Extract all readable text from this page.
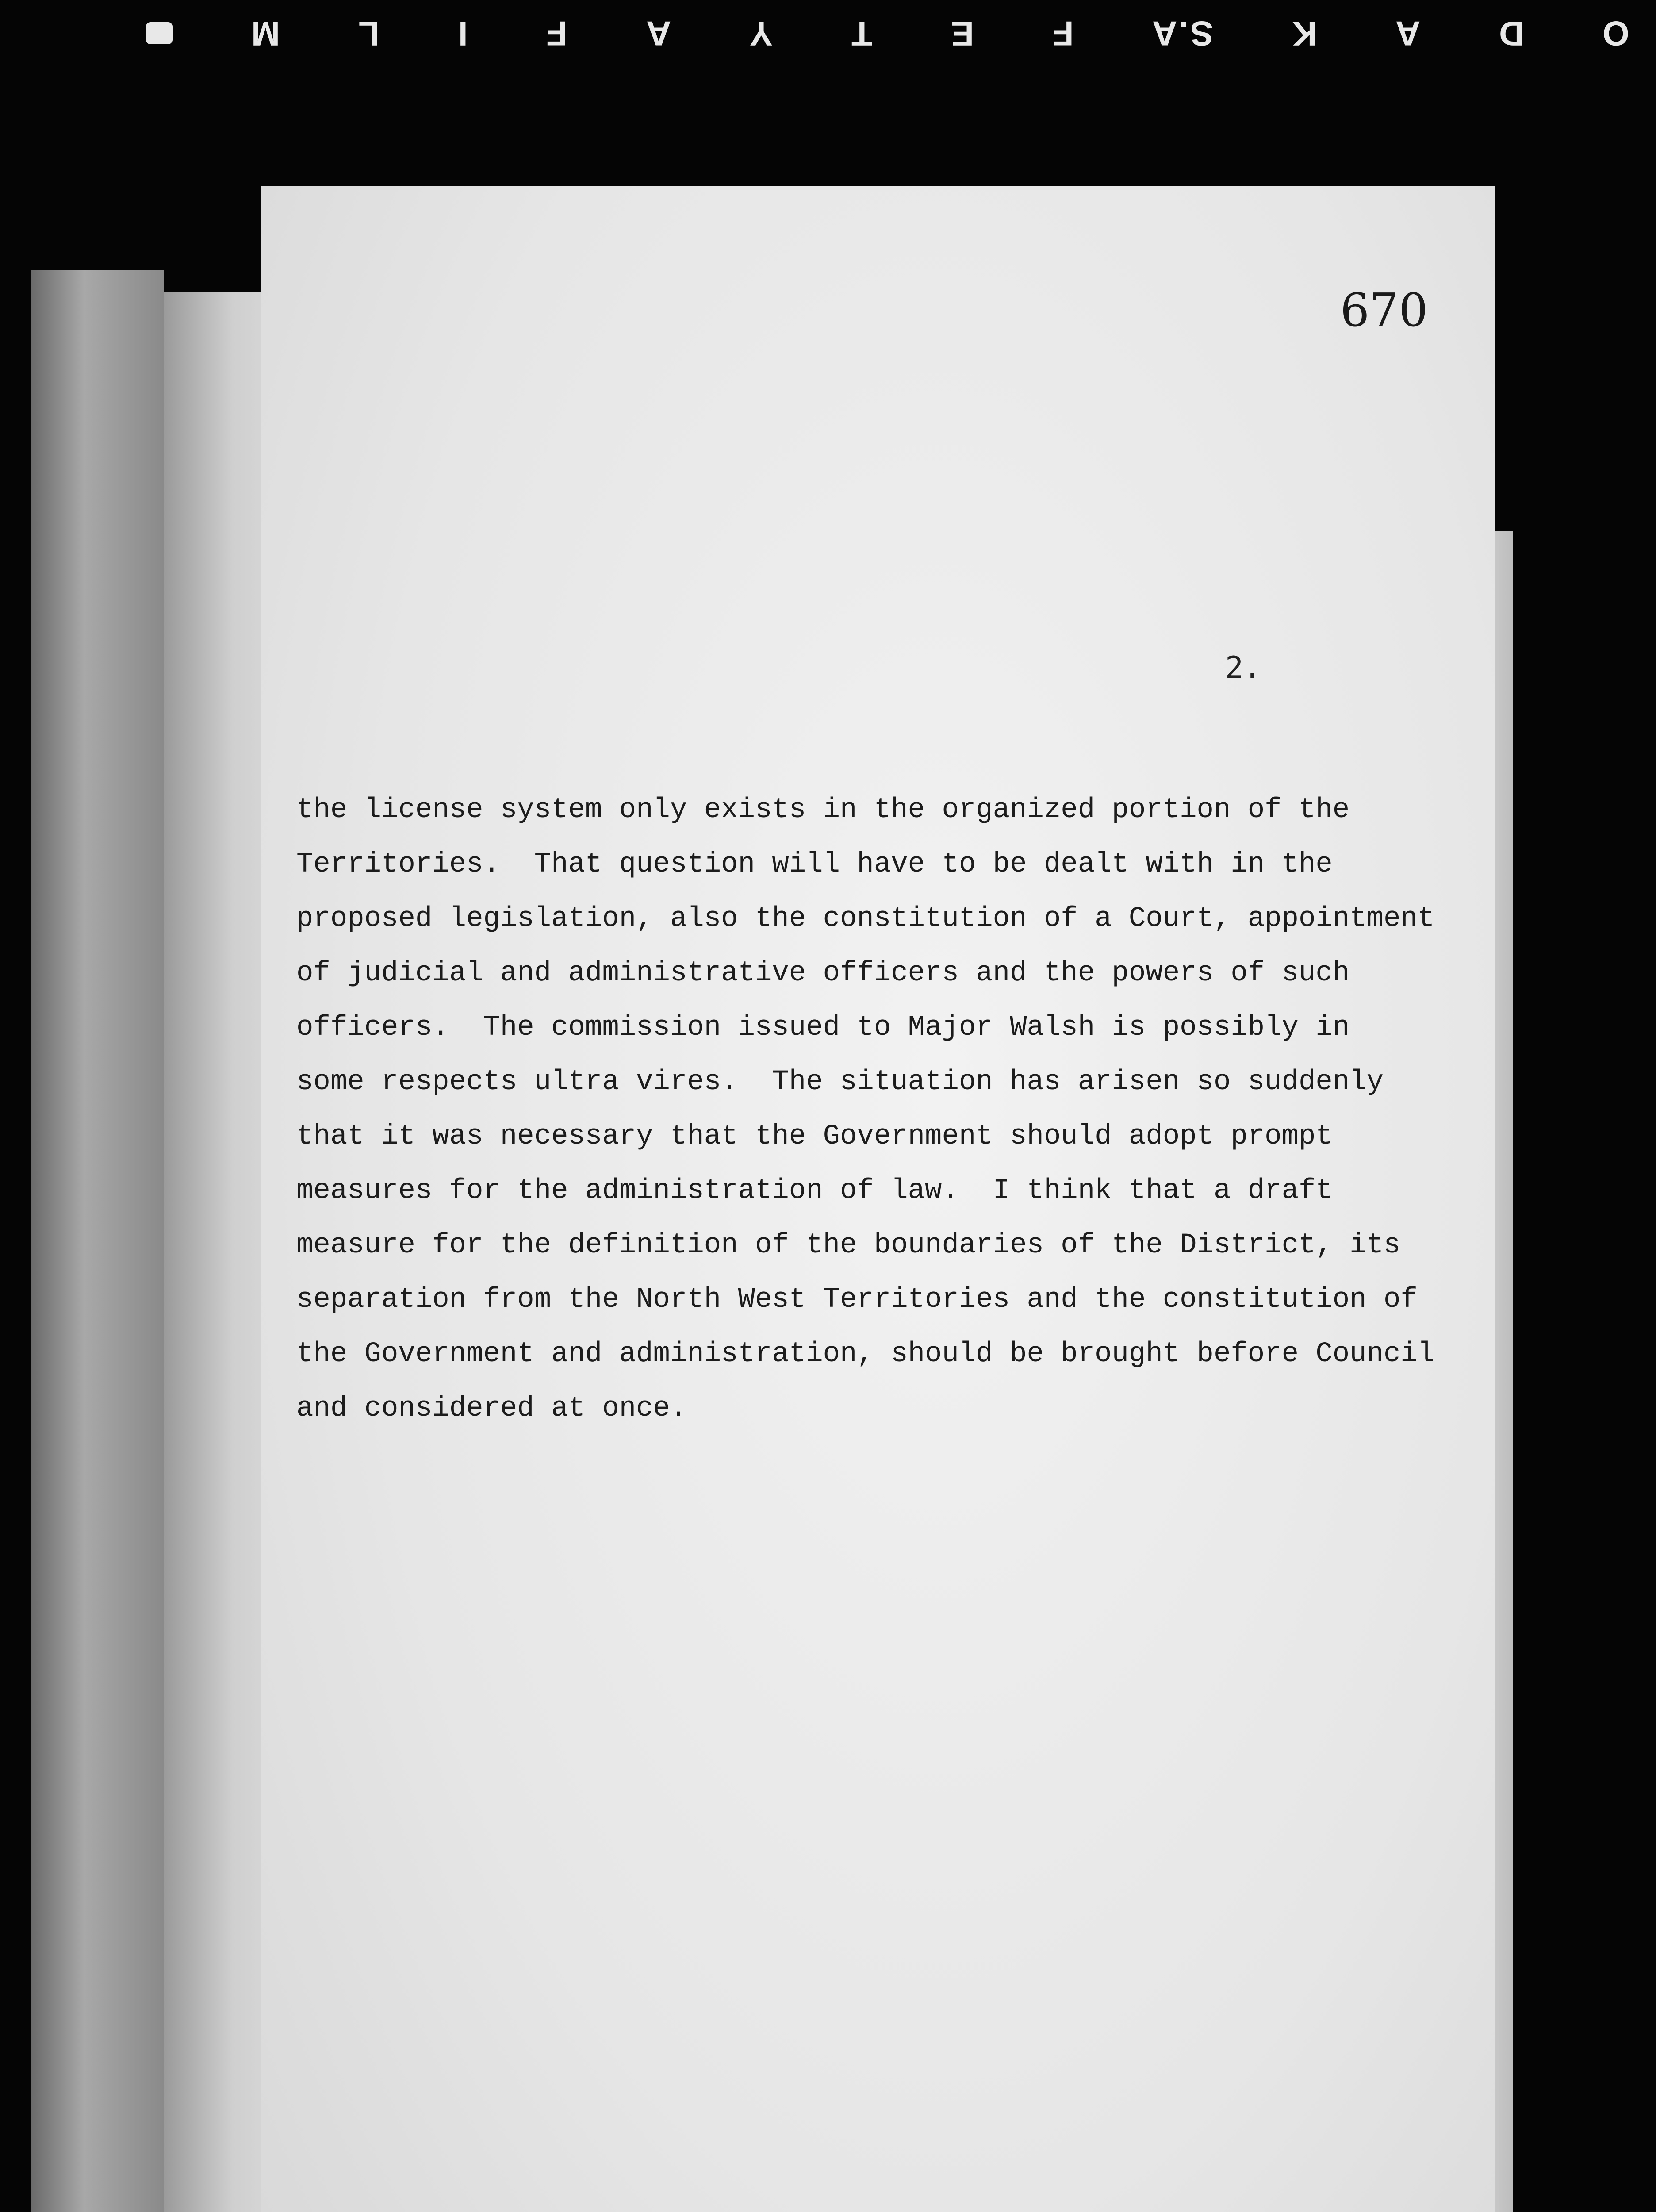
M L I F A Y T E F S.A K A D O
670
2.
the license system only exists in the organized portion of the
Territories.  That question will have to be dealt with in the
proposed legislation, also the constitution of a Court, appointment
of judicial and administrative officers and the powers of such
officers.  The commission issued to Major Walsh is possibly in
some respects ultra vires.  The situation has arisen so suddenly
that it was necessary that the Government should adopt prompt
measures for the administration of law.  I think that a draft
measure for the definition of the boundaries of the District, its
separation from the North West Territories and the constitution of
the Government and administration, should be brought before Council
and considered at once.
